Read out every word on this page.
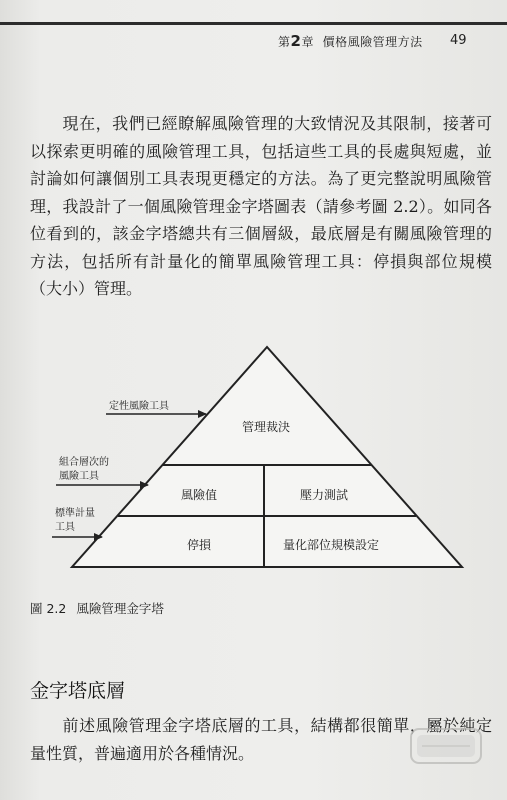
第2章 價格風險管理方法 49
現在，我們已經瞭解風險管理的大致情況及其限制，接著可以探索更明確的風險管理工具，包括這些工具的長處與短處，並討論如何讓個別工具表現更穩定的方法。為了更完整說明風險管理，我設計了一個風險管理金字塔圖表（請參考圖 2.2）。如同各位看到的，該金字塔總共有三個層級，最底層是有關風險管理的方法，包括所有計量化的簡單風險管理工具：停損與部位規模（大小）管理。
管理裁決
風險值	壓力測試
停損	量化部位規模設定
定性風險工具
組合層次的
風險工具
標準計量
工具
圖 2.2 風險管理金字塔
金字塔底層
前述風險管理金字塔底層的工具，結構都很簡單，屬於純定量性質，普遍適用於各種情況。
